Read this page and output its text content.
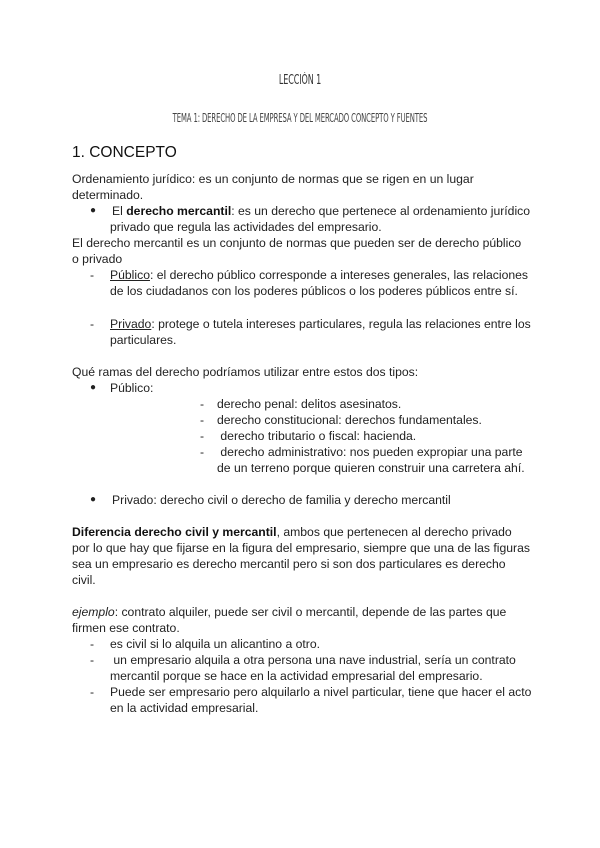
LECCIÓN 1
TEMA 1: DERECHO DE LA EMPRESA Y DEL MERCADO CONCEPTO Y FUENTES
1. CONCEPTO
Ordenamiento jurídico: es un conjunto de normas que se rigen en un lugar
determinado.
● El derecho mercantil: es un derecho que pertenece al ordenamiento jurídico
privado que regula las actividades del empresario.
El derecho mercantil es un conjunto de normas que pueden ser de derecho público
o privado
- Público: el derecho público corresponde a intereses generales, las relaciones
de los ciudadanos con los poderes públicos o los poderes públicos entre sí.
- Privado: protege o tutela intereses particulares, regula las relaciones entre los
particulares.
Qué ramas del derecho podríamos utilizar entre estos dos tipos:
● Público:
- derecho penal: delitos asesinatos.
- derecho constitucional: derechos fundamentales.
- derecho tributario o fiscal: hacienda.
- derecho administrativo: nos pueden expropiar una parte
de un terreno porque quieren construir una carretera ahí.
● Privado: derecho civil o derecho de familia y derecho mercantil
Diferencia derecho civil y mercantil, ambos que pertenecen al derecho privado
por lo que hay que fijarse en la figura del empresario, siempre que una de las figuras
sea un empresario es derecho mercantil pero si son dos particulares es derecho
civil.
ejemplo: contrato alquiler, puede ser civil o mercantil, depende de las partes que
firmen ese contrato.
- es civil si lo alquila un alicantino a otro.
- un empresario alquila a otra persona una nave industrial, sería un contrato
mercantil porque se hace en la actividad empresarial del empresario.
- Puede ser empresario pero alquilarlo a nivel particular, tiene que hacer el acto
en la actividad empresarial.
